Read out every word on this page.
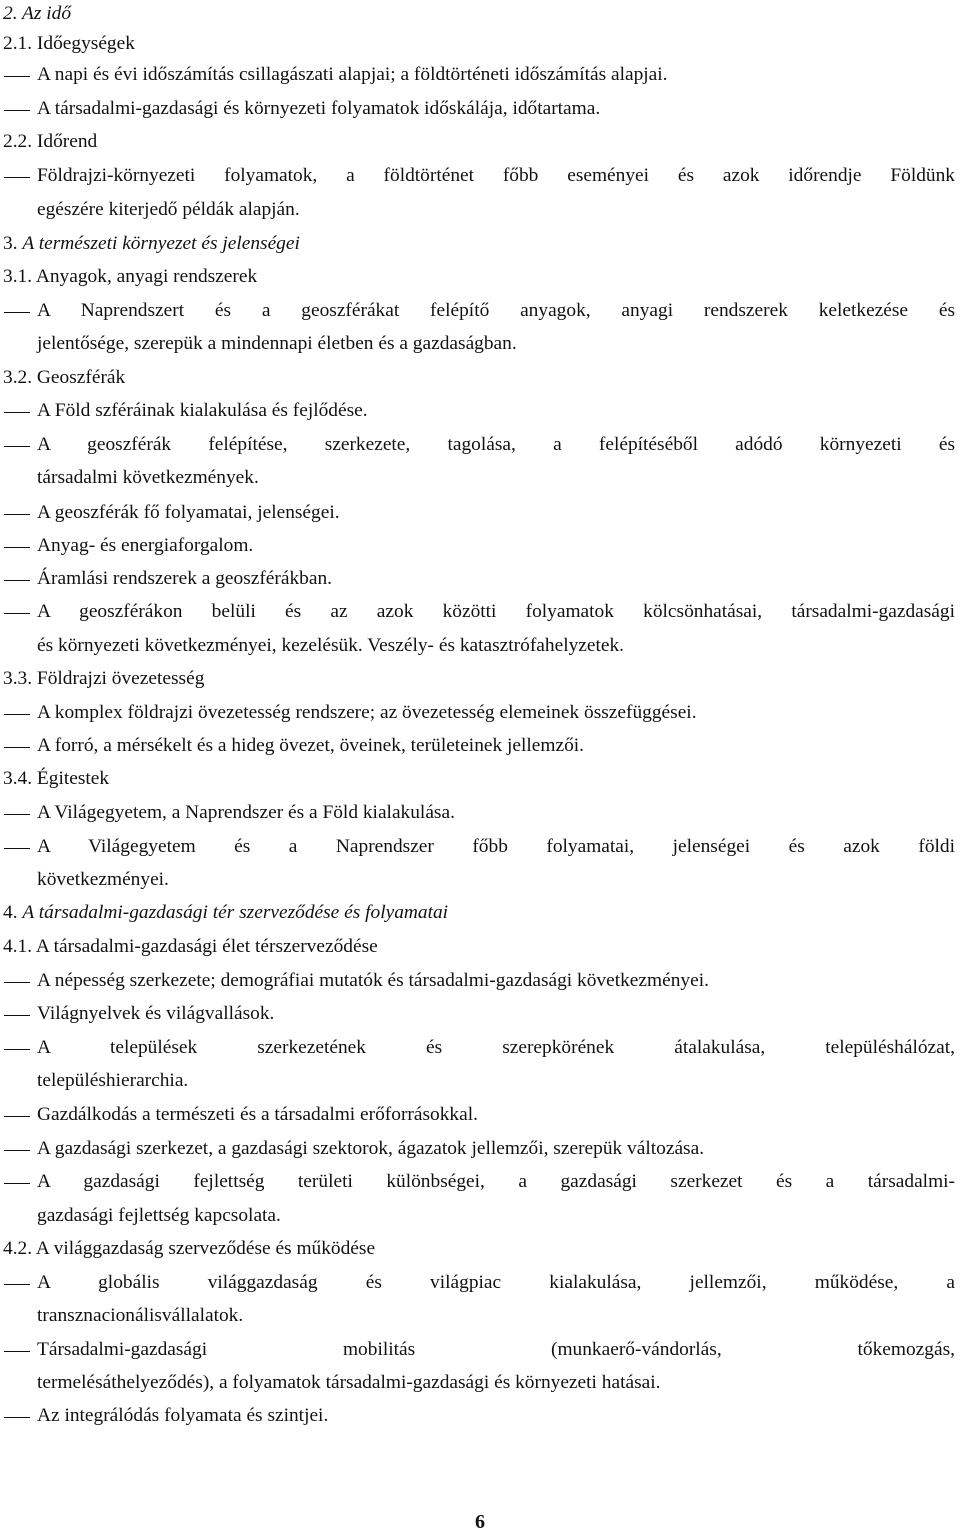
2. Az idő
2.1. Időegységek
A napi és évi időszámítás csillagászati alapjai; a földtörténeti időszámítás alapjai.
A társadalmi-gazdasági és környezeti folyamatok időskálája, időtartama.
2.2. Időrend
Földrajzi-környezeti folyamatok, a földtörténet főbb eseményei és azok időrendje Földünk
egészére kiterjedő példák alapján.
3. A természeti környezet és jelenségei
3.1. Anyagok, anyagi rendszerek
A Naprendszert és a geoszférákat felépítő anyagok, anyagi rendszerek keletkezése és
jelentősége, szerepük a mindennapi életben és a gazdaságban.
3.2. Geoszférák
A Föld szféráinak kialakulása és fejlődése.
A geoszférák felépítése, szerkezete, tagolása, a felépítéséből adódó környezeti és
társadalmi következmények.
A geoszférák fő folyamatai, jelenségei.
Anyag- és energiaforgalom.
Áramlási rendszerek a geoszférákban.
A geoszférákon belüli és az azok közötti folyamatok kölcsönhatásai, társadalmi-gazdasági
és környezeti következményei, kezelésük. Veszély- és katasztrófahelyzetek.
3.3. Földrajzi övezetesség
A komplex földrajzi övezetesség rendszere; az övezetesség elemeinek összefüggései.
A forró, a mérsékelt és a hideg övezet, öveinek, területeinek jellemzői.
3.4. Égitestek
A Világegyetem, a Naprendszer és a Föld kialakulása.
A Világegyetem és a Naprendszer főbb folyamatai, jelenségei és azok földi
következményei.
4. A társadalmi-gazdasági tér szerveződése és folyamatai
4.1. A társadalmi-gazdasági élet térszerveződése
A népesség szerkezete; demográfiai mutatók és társadalmi-gazdasági következményei.
Világnyelvek és világvallások.
A települések szerkezetének és szerepkörének átalakulása, településhálózat,
településhierarchia.
Gazdálkodás a természeti és a társadalmi erőforrásokkal.
A gazdasági szerkezet, a gazdasági szektorok, ágazatok jellemzői, szerepük változása.
A gazdasági fejlettség területi különbségei, a gazdasági szerkezet és a társadalmi-
gazdasági fejlettség kapcsolata.
4.2. A világgazdaság szerveződése és működése
A globális világgazdaság és világpiac kialakulása, jellemzői, működése, a
transznacionálisvállalatok.
Társadalmi-gazdasági mobilitás (munkaerő-vándorlás, tőkemozgás,
termelésáthelyeződés), a folyamatok társadalmi-gazdasági és környezeti hatásai.
Az integrálódás folyamata és szintjei.
6
